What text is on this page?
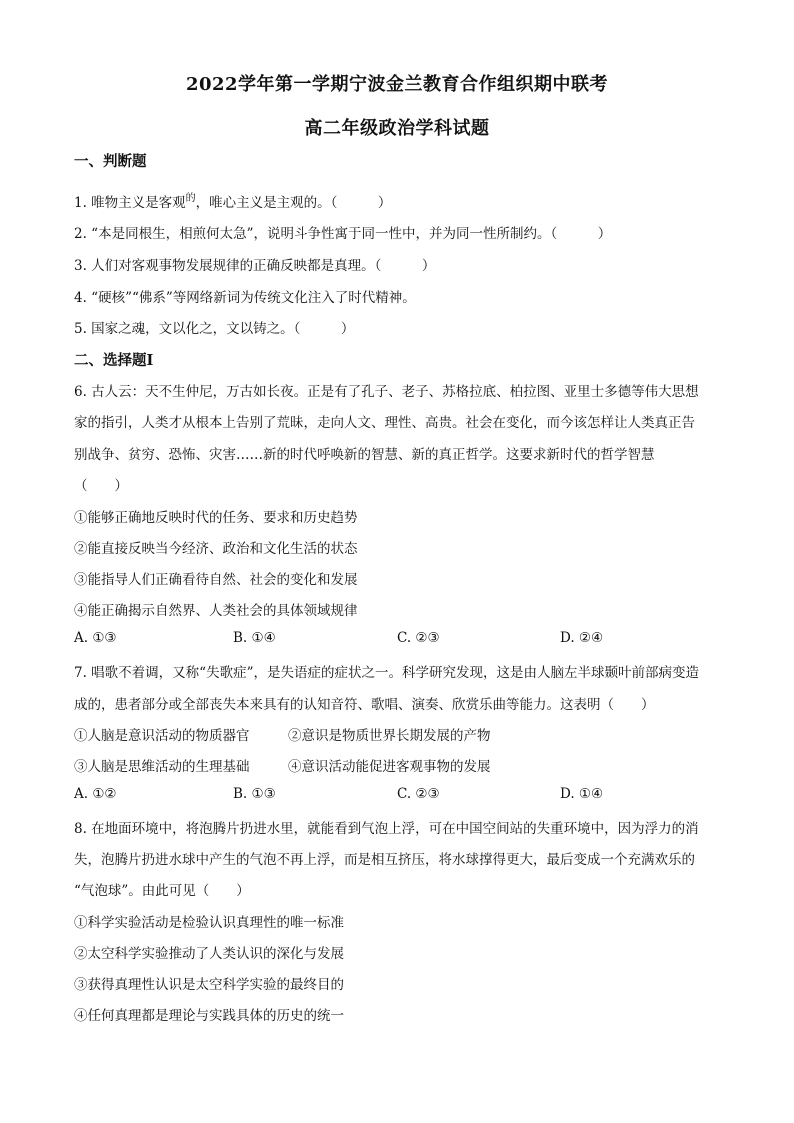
2022学年第一学期宁波金兰教育合作组织期中联考
高二年级政治学科试题
一、判断题
1. 唯物主义是客观$^的$，唯心主义是主观的。（　　　）
2. “本是同根生，相煎何太急”，说明斗争性寓于同一性中，并为同一性所制约。（　　　）
3. 人们对客观事物发展规律的正确反映都是真理。（　　　）
4. “硬核”“佛系”等网络新词为传统文化注入了时代精神。
5. 国家之魂，文以化之，文以铸之。（　　　）
二、选择题Ⅰ
6. 古人云：天不生仲尼，万古如长夜。正是有了孔子、老子、苏格拉底、柏拉图、亚里士多德等伟大思想
家的指引，人类才从根本上告别了荒昧，走向人文、理性、高贵。社会在变化，而今该怎样让人类真正告
别战争、贫穷、恐怖、灾害……新的时代呼唤新的智慧、新的真正哲学。这要求新时代的哲学智慧
（　　）
①能够正确地反映时代的任务、要求和历史趋势
②能直接反映当今经济、政治和文化生活的状态
③能指导人们正确看待自然、社会的变化和发展
④能正确揭示自然界、人类社会的具体领域规律
A. ①③	B. ①④	C. ②③	D. ②④
7. 唱歌不着调，又称“失歌症”，是失语症的症状之一。科学研究发现，这是由人脑左半球颞叶前部病变造
成的，患者部分或全部丧失本来具有的认知音符、歌唱、演奏、欣赏乐曲等能力。这表明（　　）
①人脑是意识活动的物质器官	②意识是物质世界长期发展的产物
③人脑是思维活动的生理基础	④意识活动能促进客观事物的发展
A. ①②	B. ①③	C. ②③	D. ①④
8. 在地面环境中，将泡腾片扔进水里，就能看到气泡上浮，可在中国空间站的失重环境中，因为浮力的消
失，泡腾片扔进水球中产生的气泡不再上浮，而是相互挤压，将水球撑得更大，最后变成一个充满欢乐的
“气泡球”。由此可见（　　）
①科学实验活动是检验认识真理性的唯一标准
②太空科学实验推动了人类认识的深化与发展
③获得真理性认识是太空科学实验的最终目的
④任何真理都是理论与实践具体的历史的统一
